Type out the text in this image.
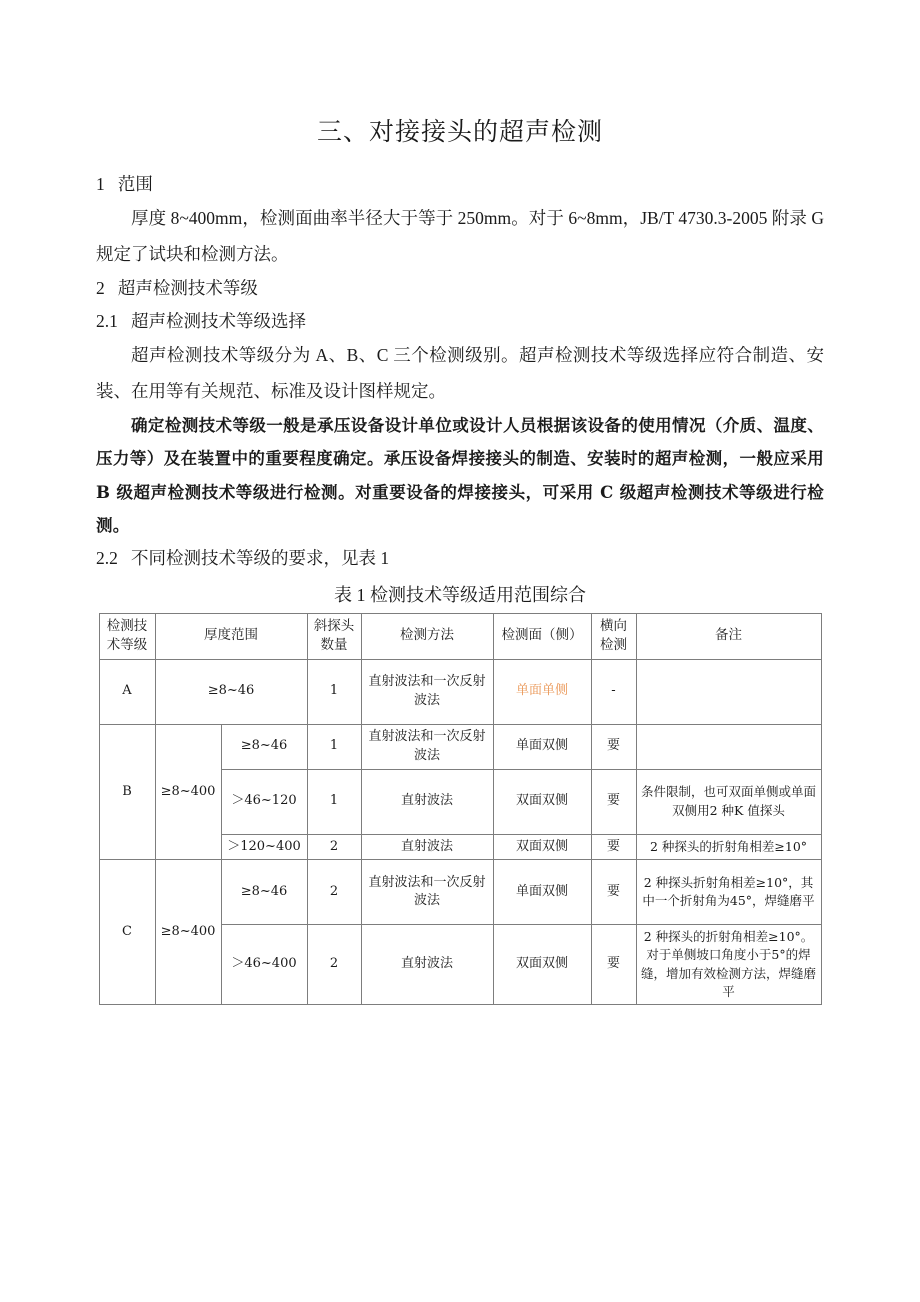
三、对接接头的超声检测
1   范围

厚度 8~400mm，检测面曲率半径大于等于 250mm。对于 6~8mm，JB/T 4730.3-2005 附录 G 规定了试块和检测方法。

2   超声检测技术等级
2.1   超声检测技术等级选择

超声检测技术等级分为 A、B、C 三个检测级别。超声检测技术等级选择应符合制造、安装、在用等有关规范、标准及设计图样规定。

确定检测技术等级一般是承压设备设计单位或设计人员根据该设备的使用情况（介质、温度、压力等）及在装置中的重要程度确定。承压设备焊接接头的制造、安装时的超声检测，一般应采用 B 级超声检测技术等级进行检测。对重要设备的焊接接头，可采用 C 级超声检测技术等级进行检测。

2.2   不同检测技术等级的要求，见表 1
表 1 检测技术等级适用范围综合
检测技术等级	厚度范围		斜探头数量	检测方法	检测面（侧）	横向检测	备注
A	≥8~46		1	直射波法和一次反射波法	单面单侧	-	
B	≥8~400	≥8~46	1	直射波法和一次反射波法	单面双侧	要	
		＞46~120	1	直射波法	双面双侧	要	条件限制，也可双面单侧或单面双侧用2 种K 值探头
		＞120~400	2	直射波法	双面双侧	要	2 种探头的折射角相差≥10°
C	≥8~400	≥8~46	2	直射波法和一次反射波法	单面双侧	要	2 种探头折射角相差≥10°，其中一个折射角为45°，焊缝磨平
		＞46~400	2	直射波法	双面双侧	要	2 种探头的折射角相差≥10°。对于单侧坡口角度小于5°的焊缝，增加有效检测方法，焊缝磨平
